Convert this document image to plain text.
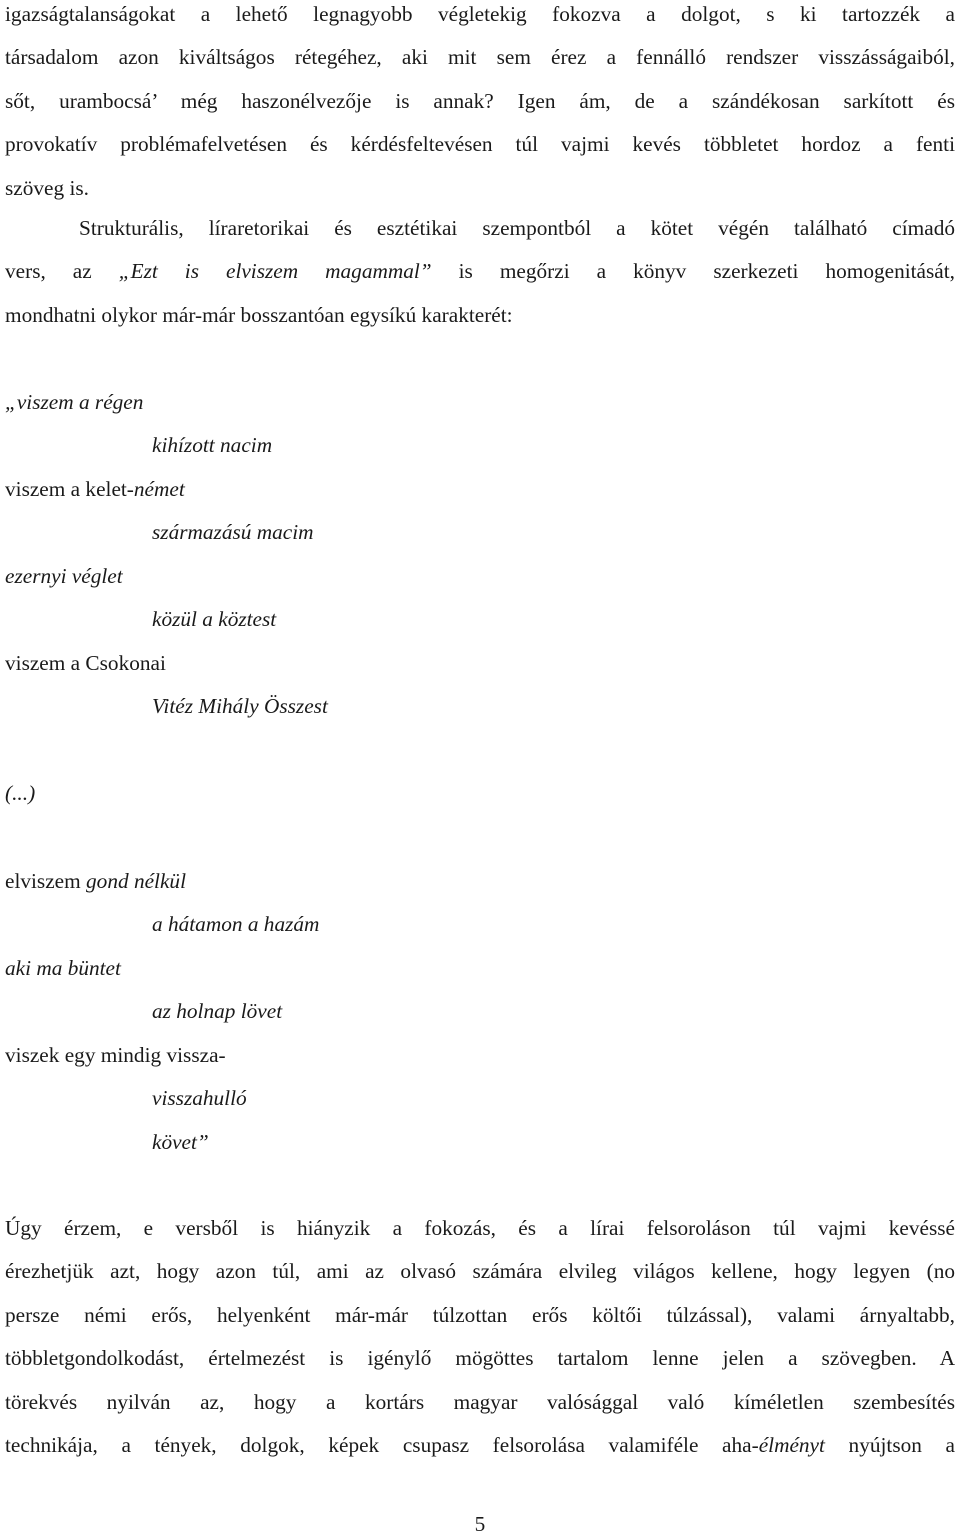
igazságtalanságokat a lehető legnagyobb végletekig fokozva a dolgot, s ki tartozzék a
társadalom azon kiváltságos rétegéhez, aki mit sem érez a fennálló rendszer visszásságaiból,
sőt, urambocsá’ még haszonélvezője is annak? Igen ám, de a szándékosan sarkított és
provokatív problémafelvetésen és kérdésfeltevésen túl vajmi kevés többletet hordoz a fenti
szöveg is.
Strukturális, líraretorikai és esztétikai szempontból a kötet végén található címadó
vers, az „Ezt is elviszem magammal” is megőrzi a könyv szerkezeti homogenitását,
mondhatni olykor már-már bosszantóan egysíkú karakterét:
„viszem a régen
kihízott nacim
viszem a kelet-német
származású macim
ezernyi véglet
közül a köztest
viszem a Csokonai
Vitéz Mihály Összest
(...)
elviszem gond nélkül
a hátamon a hazám
aki ma büntet
az holnap lövet
viszek egy mindig vissza-
visszahulló
követ”
Úgy érzem, e versből is hiányzik a fokozás, és a lírai felsoroláson túl vajmi kevéssé
érezhetjük azt, hogy azon túl, ami az olvasó számára elvileg világos kellene, hogy legyen (no
persze némi erős, helyenként már-már túlzottan erős költői túlzással), valami árnyaltabb,
többletgondolkodást, értelmezést is igénylő mögöttes tartalom lenne jelen a szövegben. A
törekvés nyilván az, hogy a kortárs magyar valósággal való kíméletlen szembesítés
technikája, a tények, dolgok, képek csupasz felsorolása valamiféle aha-élményt nyújtson a
5
